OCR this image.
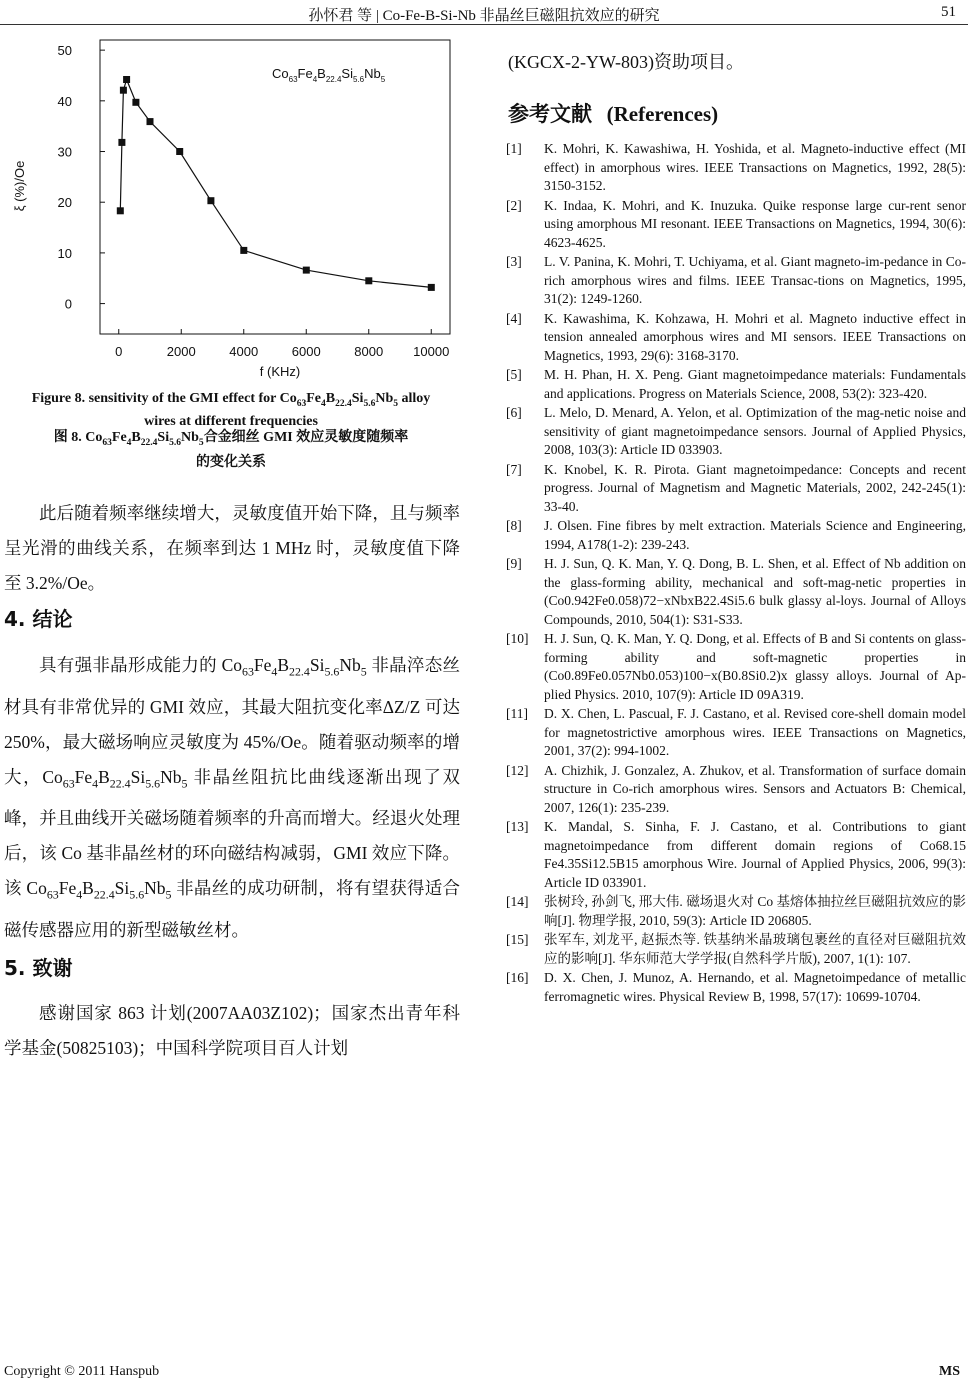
孙怀君 等 | Co-Fe-B-Si-Nb 非晶丝巨磁阻抗效应的研究	51
0
10
20
30
40
50
0	2000	4000	6000	8000 10000
ξ (%)/Oe
f (KHz)
$Co_{63}Fe_4B_{22.4}Si_{5.6}Nb_5$
Figure 8. sensitivity of the GMI effect for $Co_{63}Fe_4B_{22.4}Si_{5.6}Nb_5$ alloy
wires at different frequencies
图 8. $Co_{63}Fe_4B_{22.4}Si_{5.6}Nb_5$合金细丝 GMI 效应灵敏度随频率
的变化关系
此后随着频率继续增大，灵敏度值开始下降，且与频率呈光滑的曲线关系，在频率到达 1 MHz 时，灵敏度值下降至 3.2%/Oe。
4. 结论
具有强非晶形成能力的 $Co_{63}Fe_4B_{22.4}Si_{5.6}Nb_5$ 非晶淬态丝材具有非常优异的 GMI 效应，其最大阻抗变化率ΔZ/Z 可达 250%，最大磁场响应灵敏度为 45%/Oe。随着驱动频率的增大，$Co_{63}Fe_4B_{22.4}Si_{5.6}Nb_5$ 非晶丝阻抗比曲线逐渐出现了双峰，并且曲线开关磁场随着频率的升高而增大。经退火处理后，该 Co 基非晶丝材的环向磁结构减弱，GMI 效应下降。该 $Co_{63}Fe_4B_{22.4}Si_{5.6}Nb_5$ 非晶丝的成功研制，将有望获得适合磁传感器应用的新型磁敏丝材。
5. 致谢
感谢国家 863 计划(2007AA03Z102)；国家杰出青年科学基金(50825103)；中国科学院项目百人计划
(KGCX-2-YW-803)资助项目。
参考文献 (References)
[1]	K. Mohri, K. Kawashiwa, H. Yoshida, et al. Magneto-inductive effect (MI effect) in amorphous wires. IEEE Transactions on Magnetics, 1992, 28(5): 3150-3152.
[2]	K. Indaa, K. Mohri, and K. Inuzuka. Quike response large cur-rent senor using amorphous MI resonant. IEEE Transactions on Magnetics, 1994, 30(6): 4623-4625.
[3]	L. V. Panina, K. Mohri, T. Uchiyama, et al. Giant magneto-im-pedance in Co-rich amorphous wires and films. IEEE Transac-tions on Magnetics, 1995, 31(2): 1249-1260.
[4]	K. Kawashima, K. Kohzawa, H. Mohri et al. Magneto inductive effect in tension annealed amorphous wires and MI sensors. IEEE Transactions on Magnetics, 1993, 29(6): 3168-3170.
[5]	M. H. Phan, H. X. Peng. Giant magnetoimpedance materials: Fundamentals and applications. Progress on Materials Science, 2008, 53(2): 323-420.
[6]	L. Melo, D. Menard, A. Yelon, et al. Optimization of the mag-netic noise and sensitivity of giant magnetoimpedance sensors. Journal of Applied Physics, 2008, 103(3): Article ID 033903.
[7]	K. Knobel, K. R. Pirota. Giant magnetoimpedance: Concepts and recent progress. Journal of Magnetism and Magnetic Materials, 2002, 242-245(1): 33-40.
[8]	J. Olsen. Fine fibres by melt extraction. Materials Science and Engineering, 1994, A178(1-2): 239-243.
[9]	H. J. Sun, Q. K. Man, Y. Q. Dong, B. L. Shen, et al. Effect of Nb addition on the glass-forming ability, mechanical and soft-mag-netic properties in (Co0.942Fe0.058)72−xNbxB22.4Si5.6 bulk glassy al-loys. Journal of Alloys Compounds, 2010, 504(1): S31-S33.
[10]	H. J. Sun, Q. K. Man, Y. Q. Dong, et al. Effects of B and Si contents on glass-forming ability and soft-magnetic properties in (Co0.89Fe0.057Nb0.053)100−x(B0.8Si0.2)x glassy alloys. Journal of Ap-plied Physics. 2010, 107(9): Article ID 09A319.
[11]	D. X. Chen, L. Pascual, F. J. Castano, et al. Revised core-shell domain model for magnetostrictive amorphous wires. IEEE Transactions on Magnetics, 2001, 37(2): 994-1002.
[12]	A. Chizhik, J. Gonzalez, A. Zhukov, et al. Transformation of surface domain structure in Co-rich amorphous wires. Sensors and Actuators B: Chemical, 2007, 126(1): 235-239.
[13]	K. Mandal, S. Sinha, F. J. Castano, et al. Contributions to giant magnetoimpedance from different domain regions of Co68.15 Fe4.35Si12.5B15 amorphous Wire. Journal of Applied Physics, 2006, 99(3): Article ID 033901.
[14]	张树玲, 孙剑飞, 邢大伟. 磁场退火对 Co 基熔体抽拉丝巨磁阻抗效应的影响[J]. 物理学报, 2010, 59(3): Article ID 206805.
[15]	张军车, 刘龙平, 赵振杰等. 铁基纳米晶玻璃包裹丝的直径对巨磁阻抗效应的影响[J]. 华东师范大学学报(自然科学片版), 2007, 1(1): 107.
[16]	D. X. Chen, J. Munoz, A. Hernando, et al. Magnetoimpedance of metallic ferromagnetic wires. Physical Review B, 1998, 57(17): 10699-10704.
Copyright © 2011 Hanspub	MS
